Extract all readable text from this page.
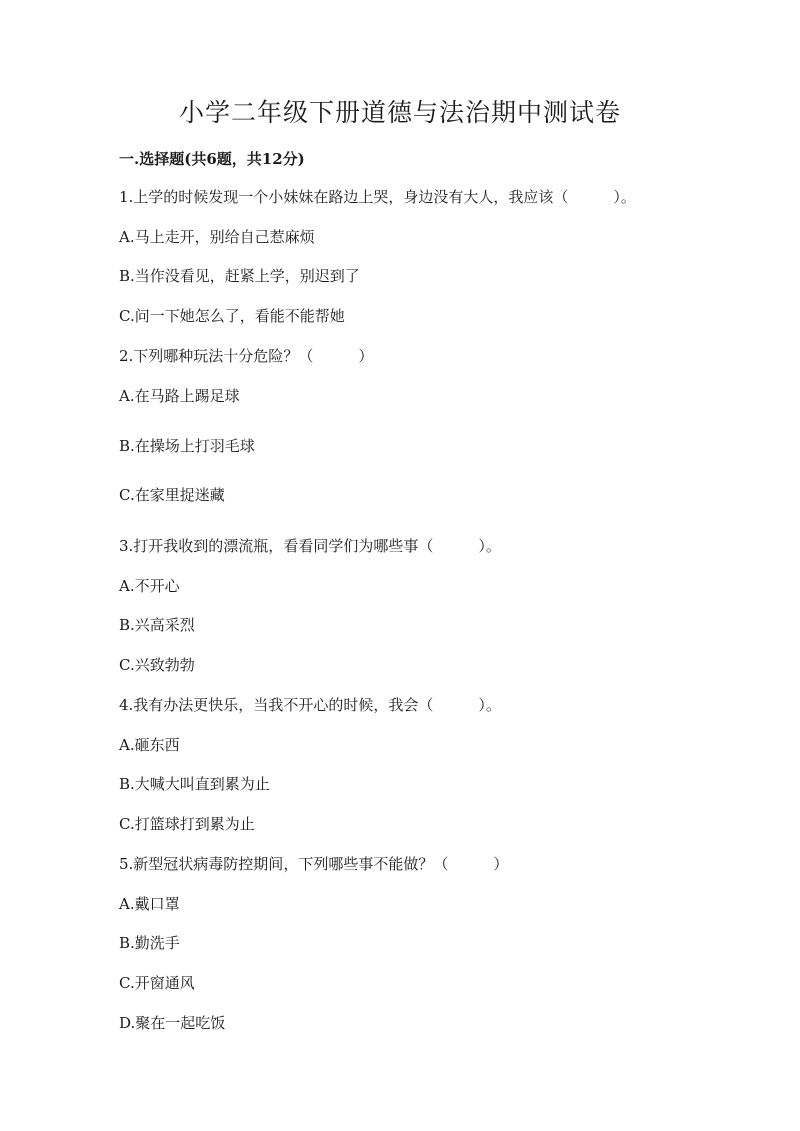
小学二年级下册道德与法治期中测试卷
一.选择题(共6题，共12分)
1.上学的时候发现一个小妹妹在路边上哭，身边没有大人，我应该（　　　）。
A.马上走开，别给自己惹麻烦
B.当作没看见，赶紧上学，别迟到了
C.问一下她怎么了，看能不能帮她
2.下列哪种玩法十分危险？（　　　）
A.在马路上踢足球
B.在操场上打羽毛球
C.在家里捉迷藏
3.打开我收到的漂流瓶，看看同学们为哪些事（　　　）。
A.不开心
B.兴高采烈
C.兴致勃勃
4.我有办法更快乐，当我不开心的时候，我会（　　　）。
A.砸东西
B.大喊大叫直到累为止
C.打篮球打到累为止
5.新型冠状病毒防控期间，下列哪些事不能做？（　　　）
A.戴口罩
B.勤洗手
C.开窗通风
D.聚在一起吃饭
